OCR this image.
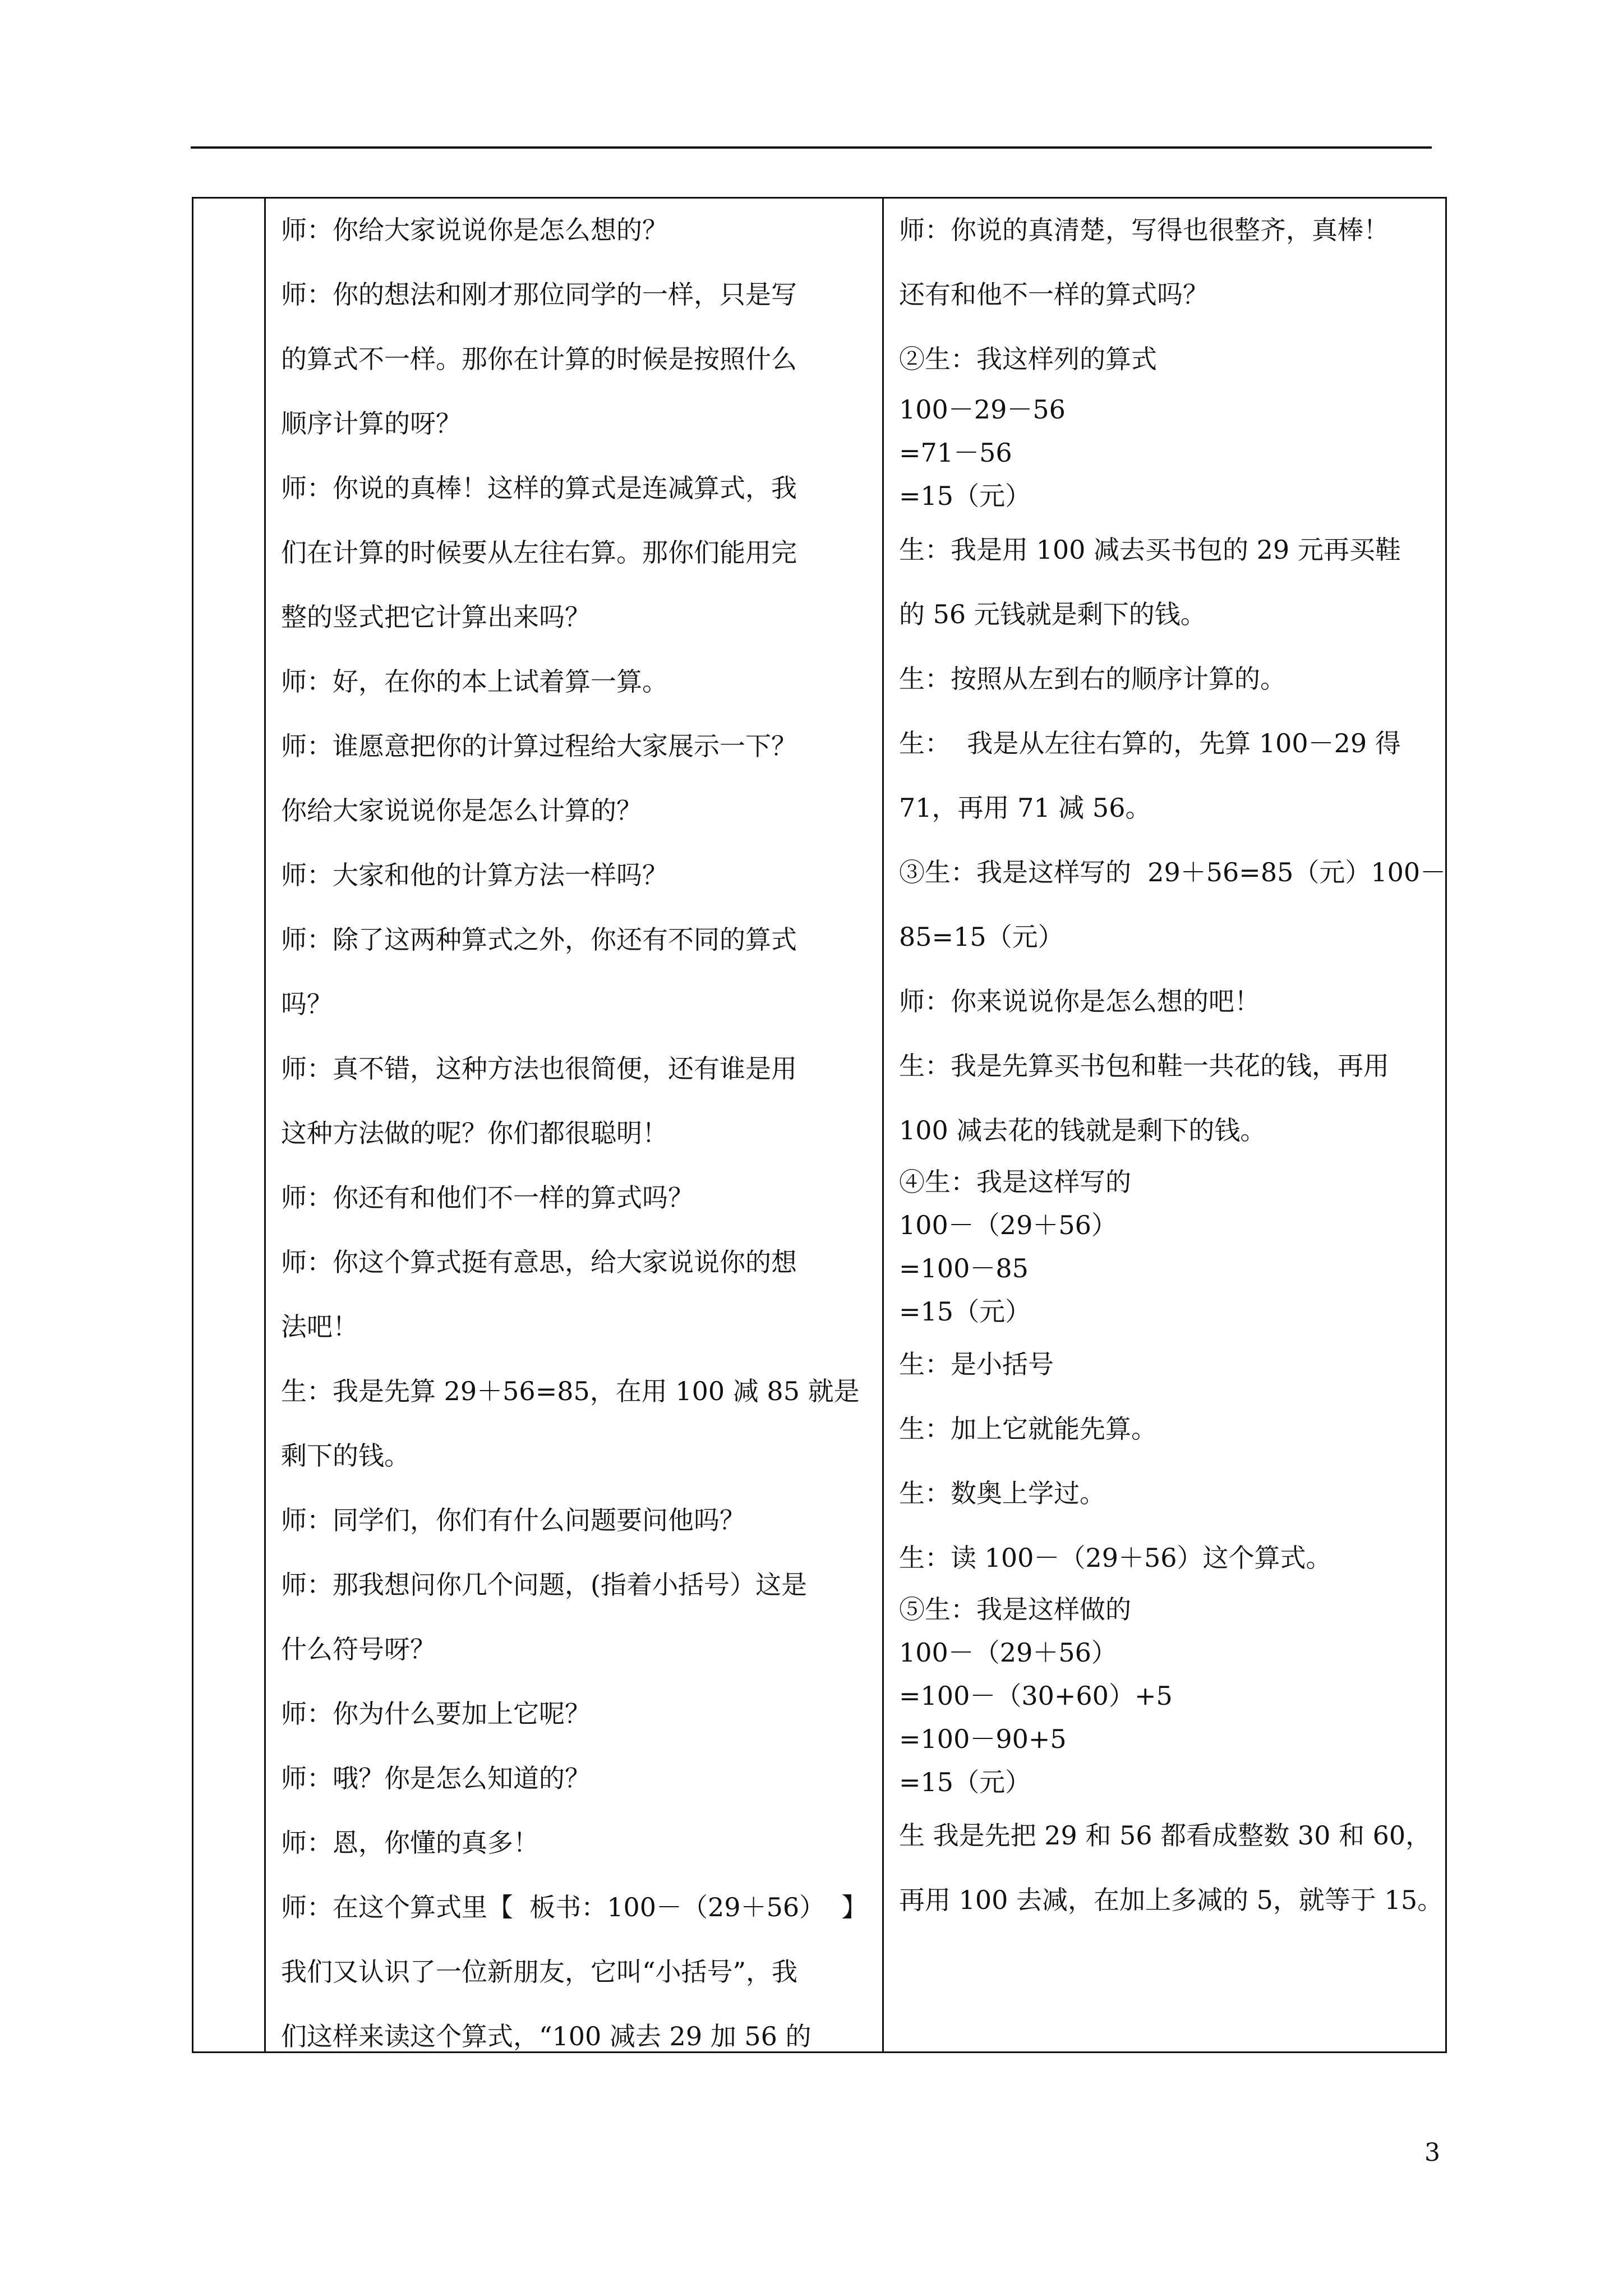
师：你给大家说说你是怎么想的？

师：你的想法和刚才那位同学的一样，只是写

的算式不一样。那你在计算的时候是按照什么

顺序计算的呀？

师：你说的真棒！这样的算式是连减算式，我

们在计算的时候要从左往右算。那你们能用完

整的竖式把它计算出来吗？

师：好，在你的本上试着算一算。

师：谁愿意把你的计算过程给大家展示一下？

你给大家说说你是怎么计算的？

师：大家和他的计算方法一样吗？

师：除了这两种算式之外，你还有不同的算式

吗？

师：真不错，这种方法也很简便，还有谁是用

这种方法做的呢？你们都很聪明！

师：你还有和他们不一样的算式吗？

师：你这个算式挺有意思，给大家说说你的想

法吧！

生：我是先算 29＋56=85，在用 100 减 85 就是

剩下的钱。

师：同学们，你们有什么问题要问他吗？

师：那我想问你几个问题，(指着小括号）这是

什么符号呀？

师：你为什么要加上它呢？

师：哦？你是怎么知道的？

师：恩，你懂的真多！

师：在这个算式里【  板书：100－（29＋56）  】

我们又认识了一位新朋友，它叫“小括号”，我

们这样来读这个算式，“100 减去 29 加 56 的

师：你说的真清楚，写得也很整齐，真棒！

还有和他不一样的算式吗？

②生：我这样列的算式

100－29－56

=71－56

=15（元）

生：我是用 100 减去买书包的 29 元再买鞋

的 56 元钱就是剩下的钱。

生：按照从左到右的顺序计算的。

生：  我是从左往右算的，先算 100－29 得

71，再用 71 减 56。

③生：我是这样写的  29＋56=85（元）100－

85=15（元）

师：你来说说你是怎么想的吧！

生：我是先算买书包和鞋一共花的钱，再用

100 减去花的钱就是剩下的钱。

④生：我是这样写的

100－（29＋56）

=100－85

=15（元）

生：是小括号

生：加上它就能先算。

生：数奥上学过。

生：读 100－（29＋56）这个算式。

⑤生：我是这样做的

100－（29＋56）

=100－（30+60）+5

=100－90+5

=15（元）

生 我是先把 29 和 56 都看成整数 30 和 60，

再用 100 去减，在加上多减的 5，就等于 15。

3
